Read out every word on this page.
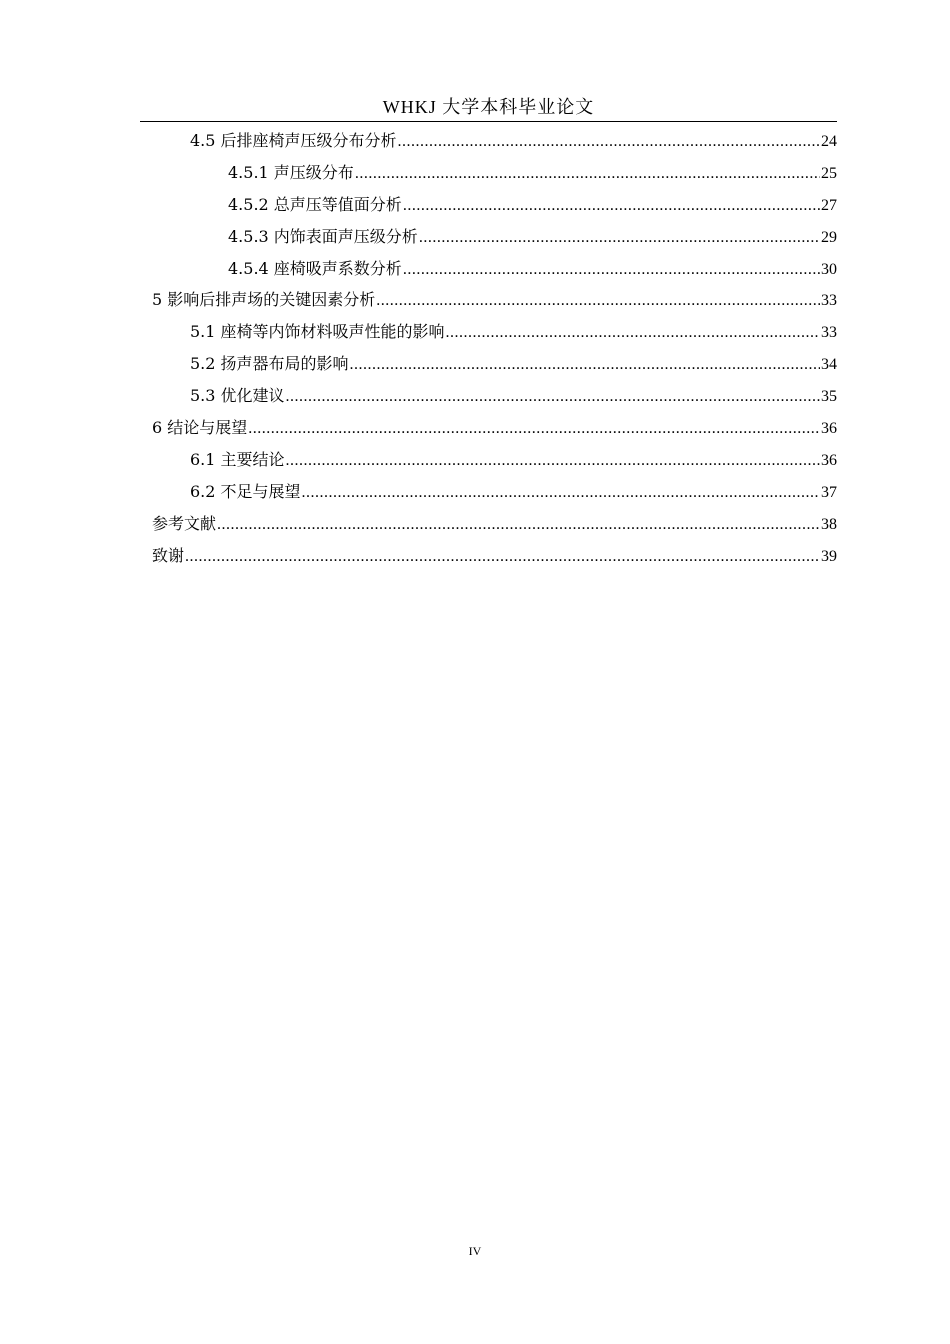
WHKJ 大学本科毕业论文
4.5 后排座椅声压级分布分析 .....	24
4.5.1 声压级分布 .....	25
4.5.2 总声压等值面分析 .....	27
4.5.3 内饰表面声压级分析 .....	29
4.5.4 座椅吸声系数分析 .....	30
5 影响后排声场的关键因素分析 .....	33
5.1 座椅等内饰材料吸声性能的影响 .....	33
5.2 扬声器布局的影响 .....	34
5.3 优化建议 .....	35
6 结论与展望 .....	36
6.1 主要结论 .....	36
6.2 不足与展望 .....	37
参考文献 .....	38
致谢 .....	39
IV
